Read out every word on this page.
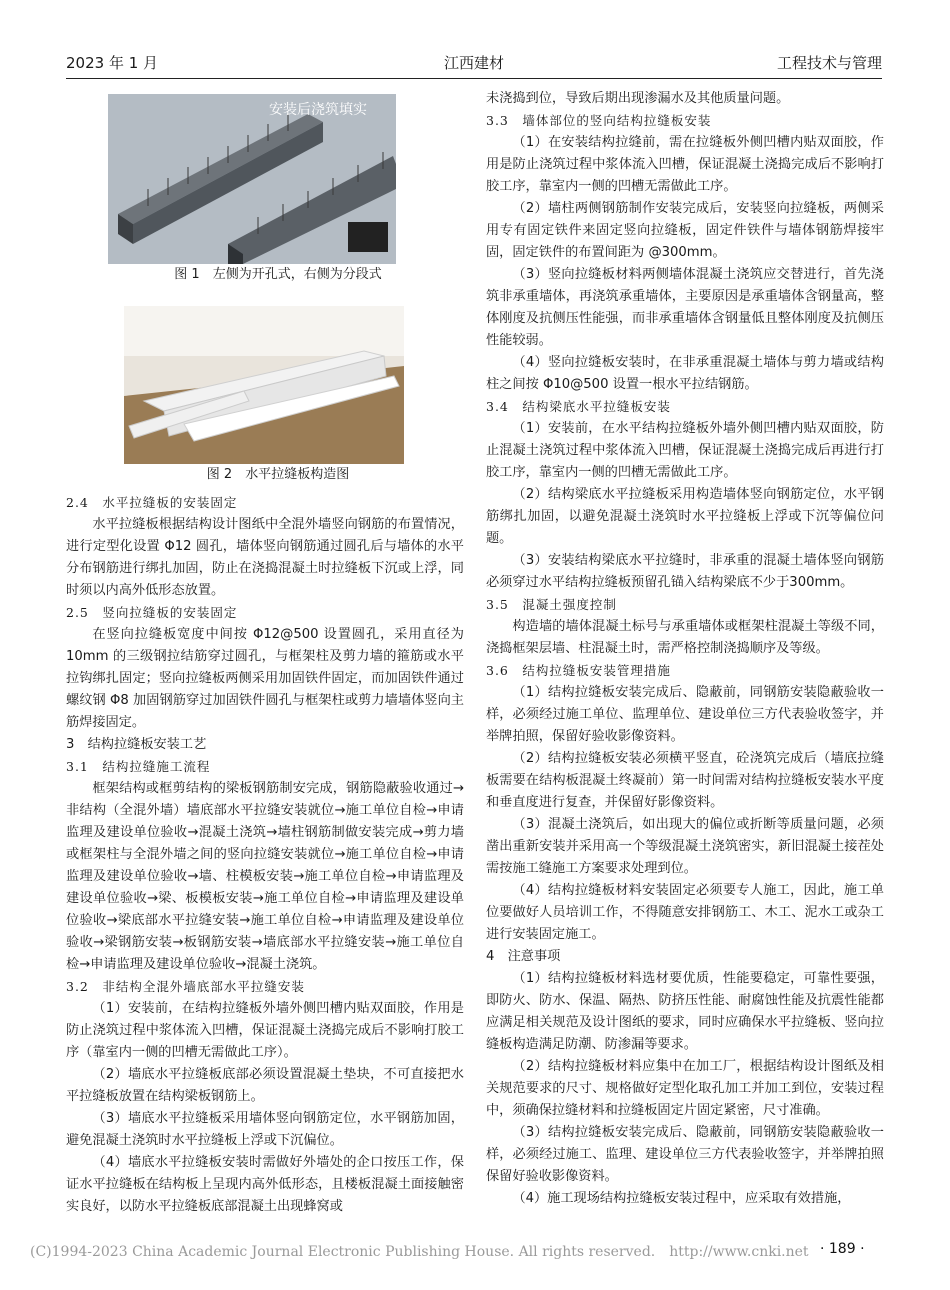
2023 年 1 月	江西建材	工程技术与管理
安装后浇筑填实

图 1　左侧为开孔式，右侧为分段式

图 2　水平拉缝板构造图

2.4　水平拉缝板的安装固定

水平拉缝板根据结构设计图纸中全混外墙竖向钢筋的布置情况，进行定型化设置 Φ12 圆孔，墙体竖向钢筋通过圆孔后与墙体的水平分布钢筋进行绑扎加固，防止在浇捣混凝土时拉缝板下沉或上浮，同时须以内高外低形态放置。

2.5　竖向拉缝板的安装固定

在竖向拉缝板宽度中间按 Φ12@500 设置圆孔，采用直径为 10mm 的三级钢拉结筋穿过圆孔，与框架柱及剪力墙的箍筋或水平拉钩绑扎固定；竖向拉缝板两侧采用加固铁件固定，而加固铁件通过螺纹钢 Φ8 加固钢筋穿过加固铁件圆孔与框架柱或剪力墙墙体竖向主筋焊接固定。

3　结构拉缝板安装工艺

3.1　结构拉缝施工流程

框架结构或框剪结构的梁板钢筋制安完成，钢筋隐蔽验收通过→非结构（全混外墙）墙底部水平拉缝安装就位→施工单位自检→申请监理及建设单位验收→混凝土浇筑→墙柱钢筋制做安装完成→剪力墙或框架柱与全混外墙之间的竖向拉缝安装就位→施工单位自检→申请监理及建设单位验收→墙、柱模板安装→施工单位自检→申请监理及建设单位验收→梁、板模板安装→施工单位自检→申请监理及建设单位验收→梁底部水平拉缝安装→施工单位自检→申请监理及建设单位验收→梁钢筋安装→板钢筋安装→墙底部水平拉缝安装→施工单位自检→申请监理及建设单位验收→混凝土浇筑。

3.2　非结构全混外墙底部水平拉缝安装

（1）安装前，在结构拉缝板外墙外侧凹槽内贴双面胶，作用是防止浇筑过程中浆体流入凹槽，保证混凝土浇捣完成后不影响打胶工序（靠室内一侧的凹槽无需做此工序）。

（2）墙底水平拉缝板底部必须设置混凝土垫块，不可直接把水平拉缝板放置在结构梁板钢筋上。

（3）墙底水平拉缝板采用墙体竖向钢筋定位，水平钢筋加固，避免混凝土浇筑时水平拉缝板上浮或下沉偏位。

（4）墙底水平拉缝板安装时需做好外墙处的企口按压工作，保证水平拉缝板在结构板上呈现内高外低形态，且楼板混凝土面接触密实良好，以防水平拉缝板底部混凝土出现蜂窝或

未浇捣到位，导致后期出现渗漏水及其他质量问题。

3.3　墙体部位的竖向结构拉缝板安装

（1）在安装结构拉缝前，需在拉缝板外侧凹槽内贴双面胶，作用是防止浇筑过程中浆体流入凹槽，保证混凝土浇捣完成后不影响打胶工序，靠室内一侧的凹槽无需做此工序。

（2）墙柱两侧钢筋制作安装完成后，安装竖向拉缝板，两侧采用专有固定铁件来固定竖向拉缝板，固定件铁件与墙体钢筋焊接牢固，固定铁件的布置间距为 @300mm。

（3）竖向拉缝板材料两侧墙体混凝土浇筑应交替进行，首先浇筑非承重墙体，再浇筑承重墙体，主要原因是承重墙体含钢量高，整体刚度及抗侧压性能强，而非承重墙体含钢量低且整体刚度及抗侧压性能较弱。

（4）竖向拉缝板安装时，在非承重混凝土墙体与剪力墙或结构柱之间按 Φ10@500 设置一根水平拉结钢筋。

3.4　结构梁底水平拉缝板安装

（1）安装前，在水平结构拉缝板外墙外侧凹槽内贴双面胶，防止混凝土浇筑过程中浆体流入凹槽，保证混凝土浇捣完成后再进行打胶工序，靠室内一侧的凹槽无需做此工序。

（2）结构梁底水平拉缝板采用构造墙体竖向钢筋定位，水平钢筋绑扎加固，以避免混凝土浇筑时水平拉缝板上浮或下沉等偏位问题。

（3）安装结构梁底水平拉缝时，非承重的混凝土墙体竖向钢筋必须穿过水平结构拉缝板预留孔锚入结构梁底不少于300mm。

3.5　混凝土强度控制

构造墙的墙体混凝土标号与承重墙体或框架柱混凝土等级不同，浇捣框架层墙、柱混凝土时，需严格控制浇捣顺序及等级。

3.6　结构拉缝板安装管理措施

（1）结构拉缝板安装完成后、隐蔽前，同钢筋安装隐蔽验收一样，必须经过施工单位、监理单位、建设单位三方代表验收签字，并举牌拍照，保留好验收影像资料。

（2）结构拉缝板安装必须横平竖直，砼浇筑完成后（墙底拉缝板需要在结构板混凝土终凝前）第一时间需对结构拉缝板安装水平度和垂直度进行复查，并保留好影像资料。

（3）混凝土浇筑后，如出现大的偏位或折断等质量问题，必须凿出重新安装并采用高一个等级混凝土浇筑密实，新旧混凝土接茬处需按施工缝施工方案要求处理到位。

（4）结构拉缝板材料安装固定必须要专人施工，因此，施工单位要做好人员培训工作，不得随意安排钢筋工、木工、泥水工或杂工进行安装固定施工。

4　注意事项

（1）结构拉缝板材料选材要优质，性能要稳定，可靠性要强，即防火、防水、保温、隔热、防挤压性能、耐腐蚀性能及抗震性能都应满足相关规范及设计图纸的要求，同时应确保水平拉缝板、竖向拉缝板构造满足防潮、防渗漏等要求。

（2）结构拉缝板材料应集中在加工厂，根据结构设计图纸及相关规范要求的尺寸、规格做好定型化取孔加工并加工到位，安装过程中，须确保拉缝材料和拉缝板固定片固定紧密，尺寸准确。

（3）结构拉缝板安装完成后、隐蔽前，同钢筋安装隐蔽验收一样，必须经过施工、监理、建设单位三方代表验收签字，并举牌拍照保留好验收影像资料。

（4）施工现场结构拉缝板安装过程中，应采取有效措施，

(C)1994-2023 China Academic Journal Electronic Publishing House. All rights reserved.　http://www.cnki.net · 189 ·
